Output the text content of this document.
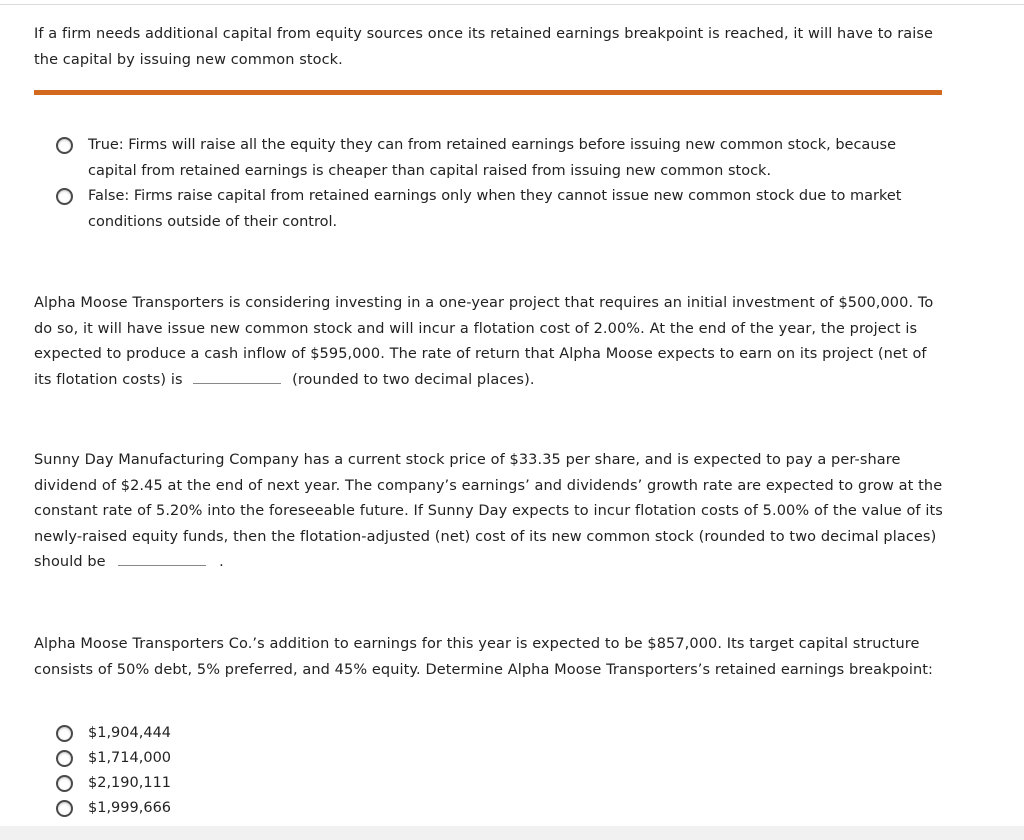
If a firm needs additional capital from equity sources once its retained earnings breakpoint is reached, it will have to raise the capital by issuing new common stock.
True: Firms will raise all the equity they can from retained earnings before issuing new common stock, because capital from retained earnings is cheaper than capital raised from issuing new common stock.
False: Firms raise capital from retained earnings only when they cannot issue new common stock due to market conditions outside of their control.
Alpha Moose Transporters is considering investing in a one-year project that requires an initial investment of $500,000. To do so, it will have issue new common stock and will incur a flotation cost of 2.00%. At the end of the year, the project is expected to produce a cash inflow of $595,000. The rate of return that Alpha Moose expects to earn on its project (net of its flotation costs) is	(rounded to two decimal places).
Sunny Day Manufacturing Company has a current stock price of $33.35 per share, and is expected to pay a per-share dividend of $2.45 at the end of next year. The company’s earnings’ and dividends’ growth rate are expected to grow at the constant rate of 5.20% into the foreseeable future. If Sunny Day expects to incur flotation costs of 5.00% of the value of its newly-raised equity funds, then the flotation-adjusted (net) cost of its new common stock (rounded to two decimal places) should be	.
Alpha Moose Transporters Co.’s addition to earnings for this year is expected to be $857,000. Its target capital structure consists of 50% debt, 5% preferred, and 45% equity. Determine Alpha Moose Transporters’s retained earnings breakpoint:
$1,904,444
$1,714,000
$2,190,111
$1,999,666
